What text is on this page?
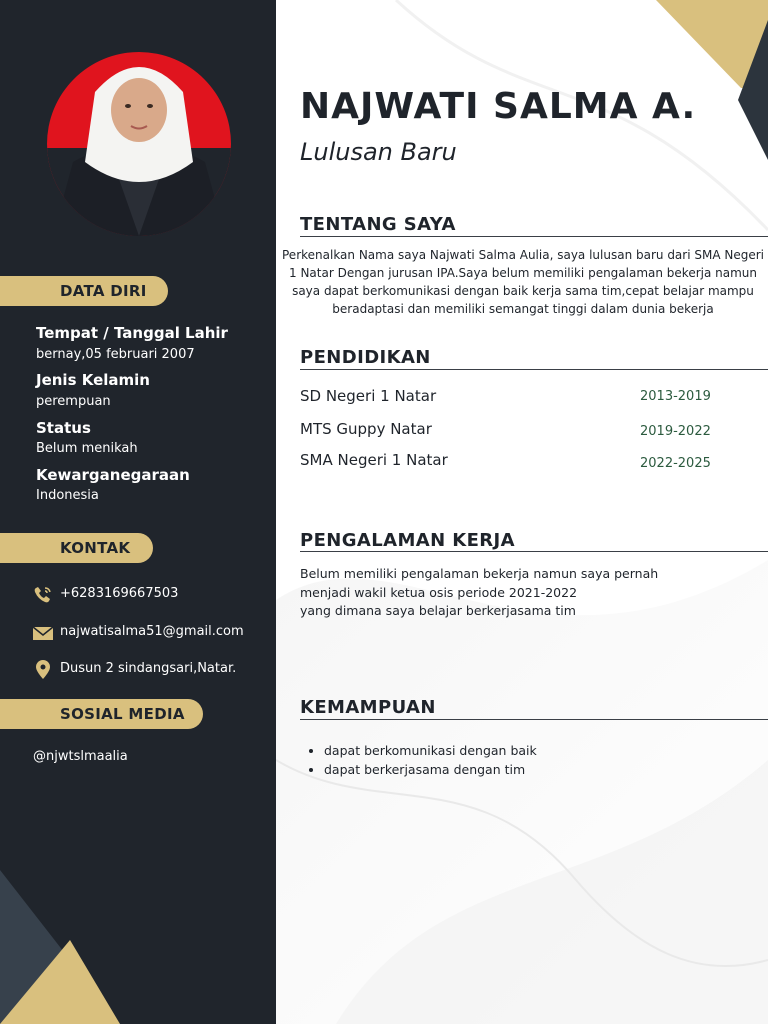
DATA DIRI
Tempat / Tanggal Lahir
bernay,05 februari 2007
Jenis Kelamin
perempuan
Status
Belum menikah
Kewarganegaraan
Indonesia
KONTAK
+6283169667503
najwatisalma51@gmail.com
Dusun 2 sindangsari,Natar.
SOSIAL MEDIA
@njwtslmaalia
NAJWATI SALMA A.
Lulusan Baru
TENTANG SAYA
Perkenalkan Nama saya Najwati Salma Aulia, saya lulusan baru dari SMA Negeri
1 Natar Dengan jurusan IPA.Saya belum memiliki pengalaman bekerja namun
saya dapat berkomunikasi dengan baik kerja sama tim,cepat belajar mampu
beradaptasi dan memiliki semangat tinggi dalam dunia bekerja
PENDIDIKAN
SD Negeri 1 Natar	2013-2019
MTS Guppy Natar	2019-2022
SMA Negeri 1 Natar	2022-2025
PENGALAMAN KERJA
Belum memiliki pengalaman bekerja namun saya pernah
menjadi wakil ketua osis periode 2021-2022
yang dimana saya belajar berkerjasama tim
KEMAMPUAN
• dapat berkomunikasi dengan baik
• dapat berkerjasama dengan tim
